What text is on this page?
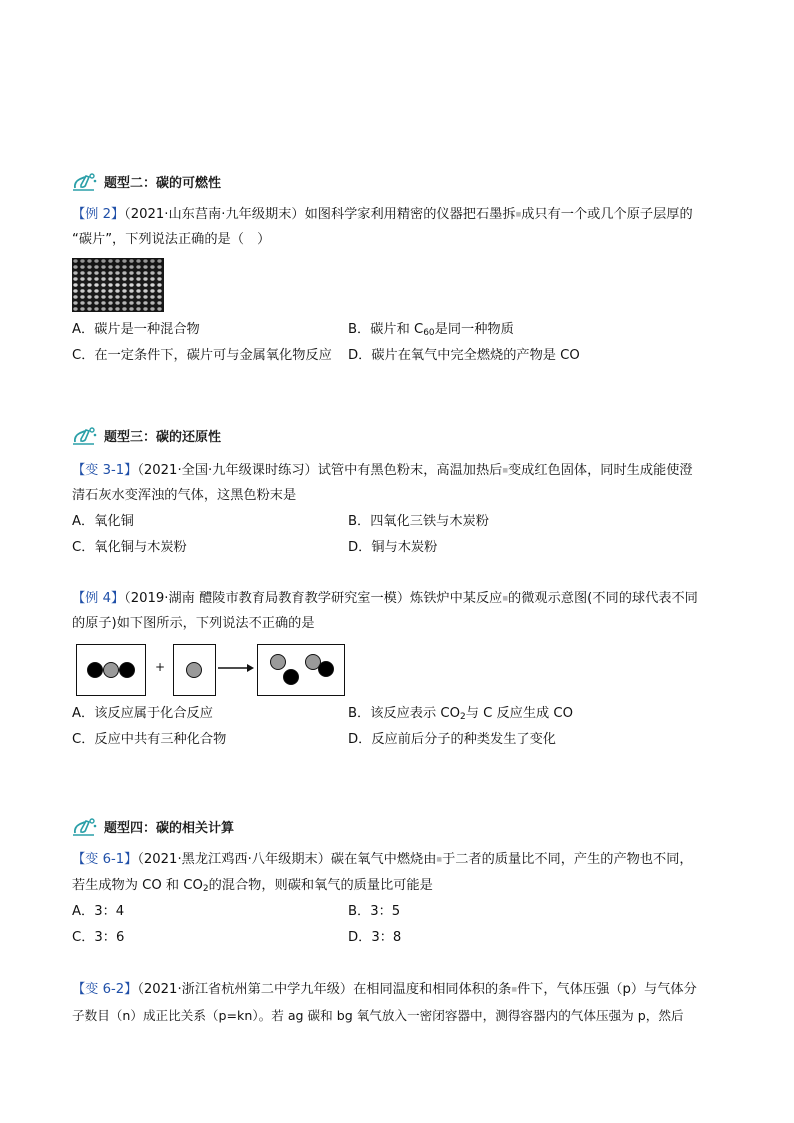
题型二：碳的可燃性
【例 2】（2021·山东莒南·九年级期末）如图科学家利用精密的仪器把石墨拆■成只有一个或几个原子层厚的
“碳片”，下列说法正确的是（　）
A．碳片是一种混合物	B．碳片和 $C_{60}$是同一种物质
C．在一定条件下，碳片可与金属氧化物反应 D．碳片在氧气中完全燃烧的产物是 CO
题型三：碳的还原性
【变 3-1】（2021·全国·九年级课时练习）试管中有黑色粉末，高温加热后■变成红色固体，同时生成能使澄
清石灰水变浑浊的气体，这黑色粉末是
A．氧化铜	B．四氧化三铁与木炭粉
C．氧化铜与木炭粉	D．铜与木炭粉
【例 4】（2019·湖南 醴陵市教育局教育教学研究室一模）炼铁炉中某反应■的微观示意图(不同的球代表不同
的原子)如下图所示，下列说法不正确的是
+
A．该反应属于化合反应	B．该反应表示 $CO_2$与 C 反应生成 CO
C．反应中共有三种化合物	D．反应前后分子的种类发生了变化
题型四：碳的相关计算
【变 6-1】（2021·黑龙江鸡西·八年级期末）碳在氧气中燃烧由■于二者的质量比不同，产生的产物也不同，
若生成物为 CO 和 $CO_2$的混合物，则碳和氧气的质量比可能是
A．3：4	B．3：5
C．3：6	D．3：8
【变 6-2】（2021·浙江省杭州第二中学九年级）在相同温度和相同体积的条■件下，气体压强（p）与气体分
子数目（n）成正比关系（p=kn）。若 ag 碳和 bg 氧气放入一密闭容器中，测得容器内的气体压强为 p，然后
